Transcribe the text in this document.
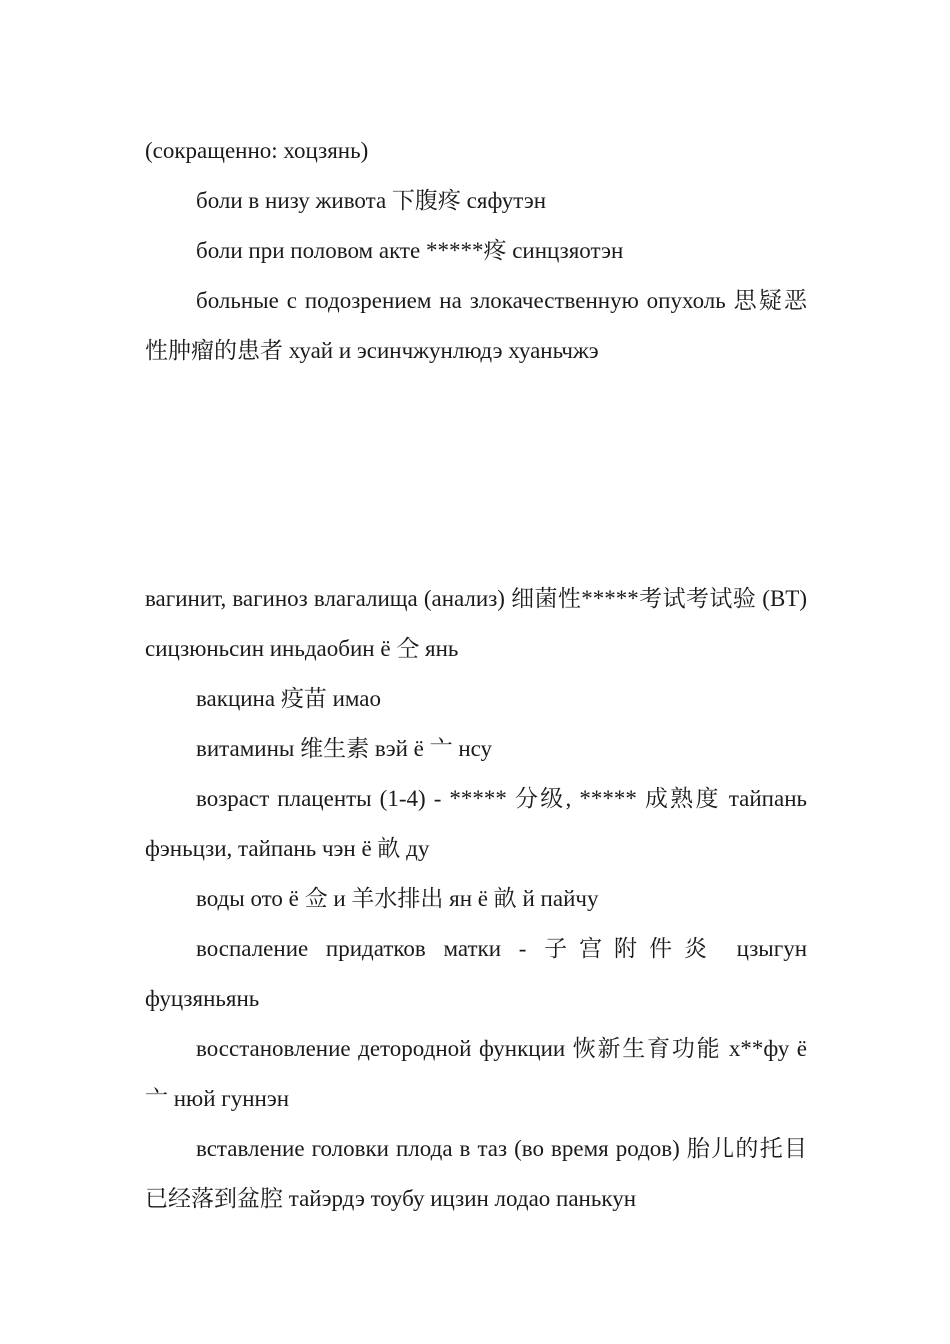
(сокращенно: хоцзянь)

боли в низу живота 下腹疼 сяфутэн

боли при половом акте *****疼 синцзяотэн

больные с подозрением на злокачественную опухоль 思疑恶性肿瘤的患者 хуай и эсинчжунлюдэ хуаньчжэ

вагинит, вагиноз влагалища (анализ) 细菌性*****考试考试验 (BT) сицзюньсин иньдаобин ё 仝 янь

вакцина 疫苗 имао

витамины 维生素 вэй ё 亠 нсу

возраст плаценты (1-4) - ***** 分级, ***** 成熟度 тайпань фэньцзи, тайпань чэн ё 畝 ду

воды ото ё 佥 и 羊水排出 ян ё 畝 й пайчу

воспаление придатков матки - 子宫附件炎 цзыгун фуцзяньянь

восстановление детородной функции 恢新生育功能 х**фу ё 亠 нюй гуннэн

вставление головки плода в таз (во время родов) 胎儿的托目已经落到盆腔 тайэрдэ тоубу ицзин лодао панькун
